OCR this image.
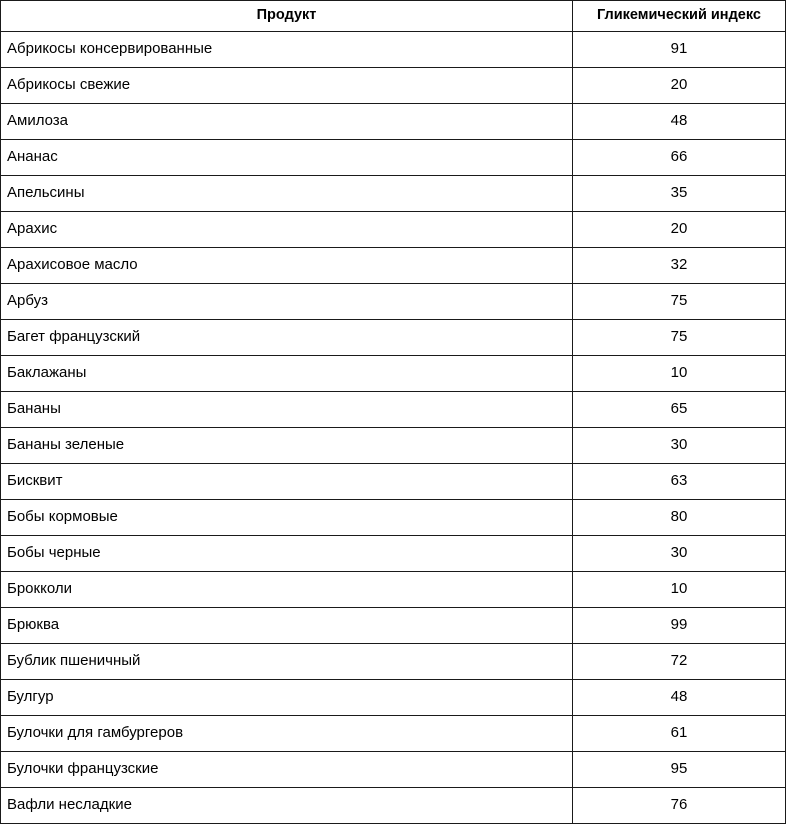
Продукт	Гликемический индекс

Абрикосы консервированные	91

Абрикосы свежие	20

Амилоза	48

Ананас	66

Апельсины	35

Арахис	20

Арахисовое масло	32

Арбуз	75

Багет французский	75

Баклажаны	10

Бананы	65

Бананы зеленые	30

Бисквит	63

Бобы кормовые	80

Бобы черные	30

Брокколи	10

Брюква	99

Бублик пшеничный	72

Булгур	48

Булочки для гамбургеров	61

Булочки французские	95

Вафли несладкие	76
